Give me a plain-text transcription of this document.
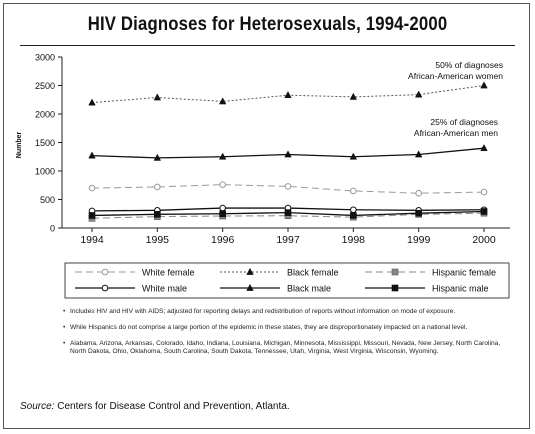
HIV Diagnoses for Heterosexuals, 1994-2000
0
500
1000
1500
2000
2500
3000
1994	1995	1996	1997	1998	1999	2000
Number
50% of diagnoses
African-American women
25% of diagnoses
African-American men
White female	Black female	Hispanic female
White male	Black male	Hispanic male
• Includes HIV and HIV with AIDS; adjusted for reporting delays and redistribution of reports without information on mode of exposure.
• While Hispanics do not comprise a large portion of the epidemic in these states, they are disproportionately impacted on a national level.
• Alabama, Arizona, Arkansas, Colorado, Idaho, Indiana, Louisiana, Michigan, Minnesota, Mississippi, Missouri, Nevada, New Jersey, North Carolina, North Dakota, Ohio, Oklahoma, South Carolina, South Dakota, Tennessee, Utah, Virginia, West Virginia, Wisconsin, Wyoming.
Source: Centers for Disease Control and Prevention, Atlanta.
